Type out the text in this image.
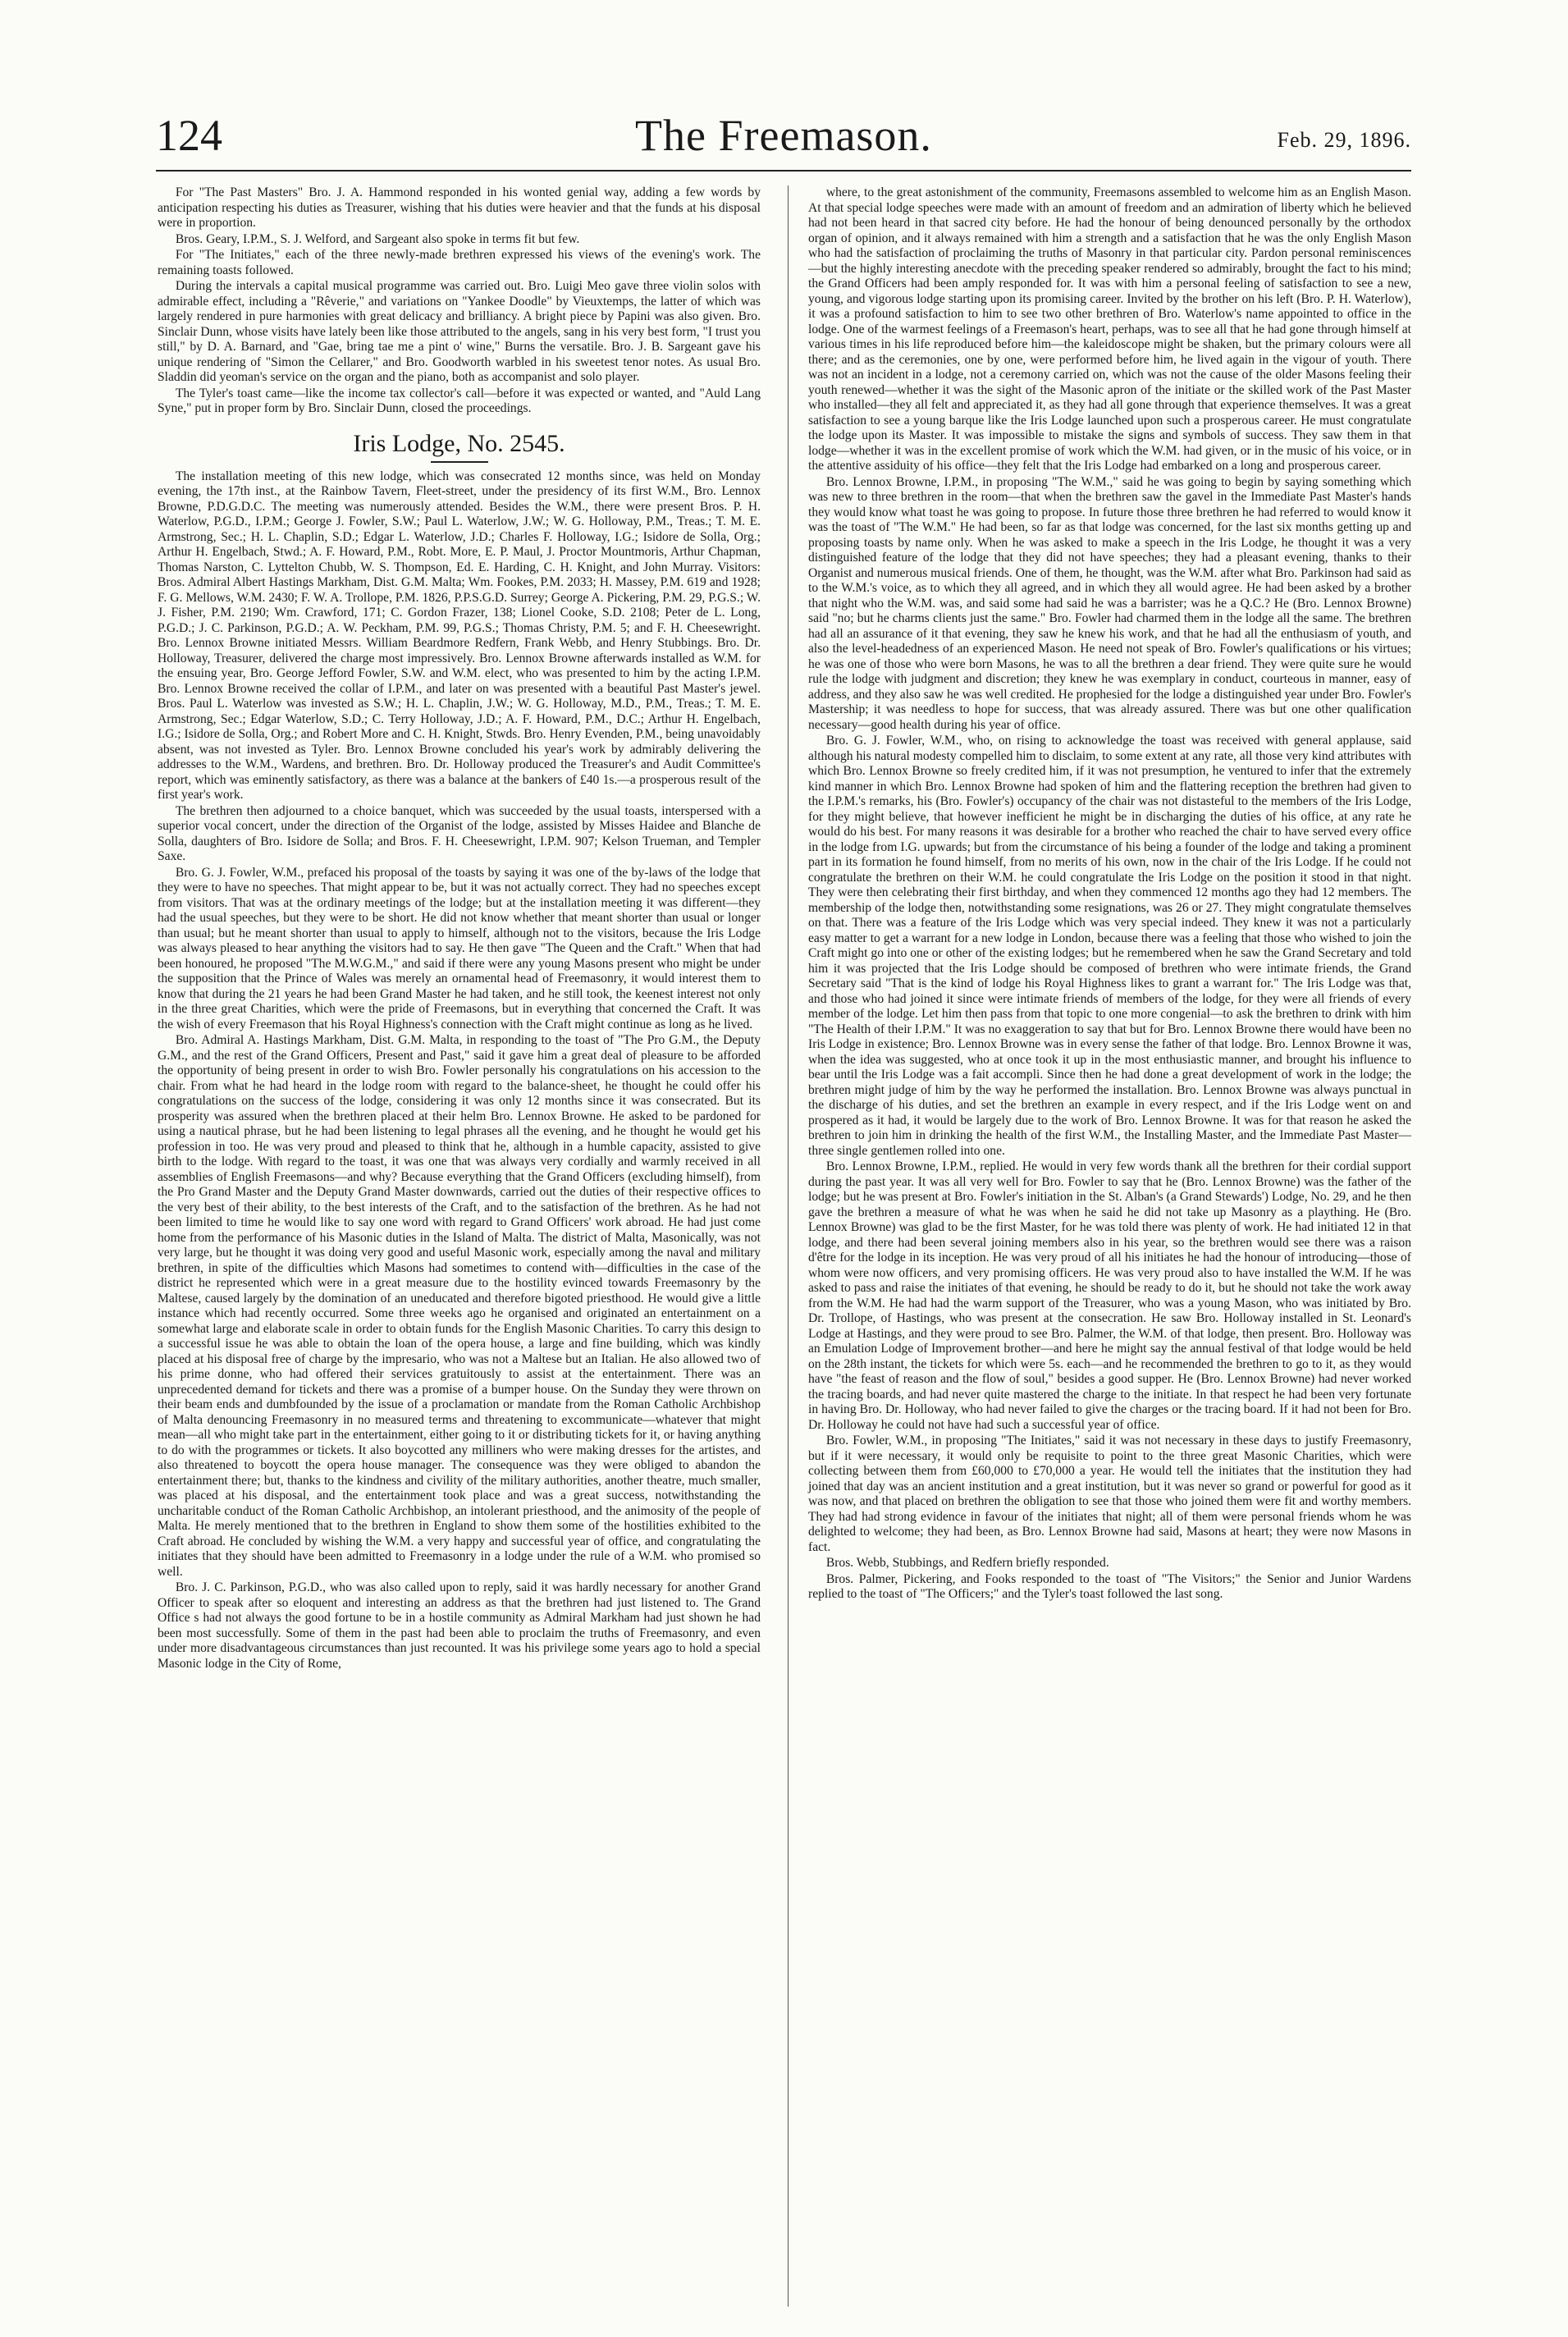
124	The Freemason.	Feb. 29, 1896.

For "The Past Masters" Bro. J. A. Hammond responded in his wonted genial way, adding a few words by anticipation respecting his duties as Treasurer, wishing that his duties were heavier and that the funds at his disposal were in proportion.

Bros. Geary, I.P.M., S. J. Welford, and Sargeant also spoke in terms fit but few.

For "The Initiates," each of the three newly-made brethren expressed his views of the evening's work. The remaining toasts followed.

During the intervals a capital musical programme was carried out. Bro. Luigi Meo gave three violin solos with admirable effect, including a "Rêverie," and variations on "Yankee Doodle" by Vieuxtemps, the latter of which was largely rendered in pure harmonies with great delicacy and brilliancy. A bright piece by Papini was also given. Bro. Sinclair Dunn, whose visits have lately been like those attributed to the angels, sang in his very best form, "I trust you still," by D. A. Barnard, and "Gae, bring tae me a pint o' wine," Burns the versatile. Bro. J. B. Sargeant gave his unique rendering of "Simon the Cellarer," and Bro. Goodworth warbled in his sweetest tenor notes. As usual Bro. Sladdin did yeoman's service on the organ and the piano, both as accompanist and solo player.

The Tyler's toast came—like the income tax collector's call—before it was expected or wanted, and "Auld Lang Syne," put in proper form by Bro. Sinclair Dunn, closed the proceedings.

Iris Lodge, No. 2545.

The installation meeting of this new lodge, which was consecrated 12 months since, was held on Monday evening, the 17th inst., at the Rainbow Tavern, Fleet-street, under the presidency of its first W.M., Bro. Lennox Browne, P.D.G.D.C. The meeting was numerously attended. Besides the W.M., there were present Bros. P. H. Waterlow, P.G.D., I.P.M.; George J. Fowler, S.W.; Paul L. Waterlow, J.W.; W. G. Holloway, P.M., Treas.; T. M. E. Armstrong, Sec.; H. L. Chaplin, S.D.; Edgar L. Waterlow, J.D.; Charles F. Holloway, I.G.; Isidore de Solla, Org.; Arthur H. Engelbach, Stwd.; A. F. Howard, P.M., Robt. More, E. P. Maul, J. Proctor Mountmoris, Arthur Chapman, Thomas Narston, C. Lyttelton Chubb, W. S. Thompson, Ed. E. Harding, C. H. Knight, and John Murray. Visitors: Bros. Admiral Albert Hastings Markham, Dist. G.M. Malta; Wm. Fookes, P.M. 2033; H. Massey, P.M. 619 and 1928; F. G. Mellows, W.M. 2430; F. W. A. Trollope, P.M. 1826, P.P.S.G.D. Surrey; George A. Pickering, P.M. 29, P.G.S.; W. J. Fisher, P.M. 2190; Wm. Crawford, 171; C. Gordon Frazer, 138; Lionel Cooke, S.D. 2108; Peter de L. Long, P.G.D.; J. C. Parkinson, P.G.D.; A. W. Peckham, P.M. 99, P.G.S.; Thomas Christy, P.M. 5; and F. H. Cheesewright. Bro. Lennox Browne initiated Messrs. William Beardmore Redfern, Frank Webb, and Henry Stubbings. Bro. Dr. Holloway, Treasurer, delivered the charge most impressively. Bro. Lennox Browne afterwards installed as W.M. for the ensuing year, Bro. George Jefford Fowler, S.W. and W.M. elect, who was presented to him by the acting I.P.M. Bro. Lennox Browne received the collar of I.P.M., and later on was presented with a beautiful Past Master's jewel. Bros. Paul L. Waterlow was invested as S.W.; H. L. Chaplin, J.W.; W. G. Holloway, M.D., P.M., Treas.; T. M. E. Armstrong, Sec.; Edgar Waterlow, S.D.; C. Terry Holloway, J.D.; A. F. Howard, P.M., D.C.; Arthur H. Engelbach, I.G.; Isidore de Solla, Org.; and Robert More and C. H. Knight, Stwds. Bro. Henry Evenden, P.M., being unavoidably absent, was not invested as Tyler. Bro. Lennox Browne concluded his year's work by admirably delivering the addresses to the W.M., Wardens, and brethren. Bro. Dr. Holloway produced the Treasurer's and Audit Committee's report, which was eminently satisfactory, as there was a balance at the bankers of £40 1s.—a prosperous result of the first year's work.

The brethren then adjourned to a choice banquet, which was succeeded by the usual toasts, interspersed with a superior vocal concert, under the direction of the Organist of the lodge, assisted by Misses Haidee and Blanche de Solla, daughters of Bro. Isidore de Solla; and Bros. F. H. Cheesewright, I.P.M. 907; Kelson Trueman, and Templer Saxe.

Bro. G. J. Fowler, W.M., prefaced his proposal of the toasts by saying it was one of the by-laws of the lodge that they were to have no speeches. That might appear to be, but it was not actually correct. They had no speeches except from visitors. That was at the ordinary meetings of the lodge; but at the installation meeting it was different—they had the usual speeches, but they were to be short. He did not know whether that meant shorter than usual or longer than usual; but he meant shorter than usual to apply to himself, although not to the visitors, because the Iris Lodge was always pleased to hear anything the visitors had to say. He then gave "The Queen and the Craft." When that had been honoured, he proposed "The M.W.G.M.," and said if there were any young Masons present who might be under the supposition that the Prince of Wales was merely an ornamental head of Freemasonry, it would interest them to know that during the 21 years he had been Grand Master he had taken, and he still took, the keenest interest not only in the three great Charities, which were the pride of Freemasons, but in everything that concerned the Craft. It was the wish of every Freemason that his Royal Highness's connection with the Craft might continue as long as he lived.

Bro. Admiral A. Hastings Markham, Dist. G.M. Malta, in responding to the toast of "The Pro G.M., the Deputy G.M., and the rest of the Grand Officers, Present and Past," said it gave him a great deal of pleasure to be afforded the opportunity of being present in order to wish Bro. Fowler personally his congratulations on his accession to the chair. From what he had heard in the lodge room with regard to the balance-sheet, he thought he could offer his congratulations on the success of the lodge, considering it was only 12 months since it was consecrated. But its prosperity was assured when the brethren placed at their helm Bro. Lennox Browne. He asked to be pardoned for using a nautical phrase, but he had been listening to legal phrases all the evening, and he thought he would get his profession in too. He was very proud and pleased to think that he, although in a humble capacity, assisted to give birth to the lodge. With regard to the toast, it was one that was always very cordially and warmly received in all assemblies of English Freemasons—and why? Because everything that the Grand Officers (excluding himself), from the Pro Grand Master and the Deputy Grand Master downwards, carried out the duties of their respective offices to the very best of their ability, to the best interests of the Craft, and to the satisfaction of the brethren. As he had not been limited to time he would like to say one word with regard to Grand Officers' work abroad. He had just come home from the performance of his Masonic duties in the Island of Malta. The district of Malta, Masonically, was not very large, but he thought it was doing very good and useful Masonic work, especially among the naval and military brethren, in spite of the difficulties which Masons had sometimes to contend with—difficulties in the case of the district he represented which were in a great measure due to the hostility evinced towards Freemasonry by the Maltese, caused largely by the domination of an uneducated and therefore bigoted priesthood. He would give a little instance which had recently occurred. Some three weeks ago he organised and originated an entertainment on a somewhat large and elaborate scale in order to obtain funds for the English Masonic Charities. To carry this design to a successful issue he was able to obtain the loan of the opera house, a large and fine building, which was kindly placed at his disposal free of charge by the impresario, who was not a Maltese but an Italian. He also allowed two of his prime donne, who had offered their services gratuitously to assist at the entertainment. There was an unprecedented demand for tickets and there was a promise of a bumper house. On the Sunday they were thrown on their beam ends and dumbfounded by the issue of a proclamation or mandate from the Roman Catholic Archbishop of Malta denouncing Freemasonry in no measured terms and threatening to excommunicate—whatever that might mean—all who might take part in the entertainment, either going to it or distributing tickets for it, or having anything to do with the programmes or tickets. It also boycotted any milliners who were making dresses for the artistes, and also threatened to boycott the opera house manager. The consequence was they were obliged to abandon the entertainment there; but, thanks to the kindness and civility of the military authorities, another theatre, much smaller, was placed at his disposal, and the entertainment took place and was a great success, notwithstanding the uncharitable conduct of the Roman Catholic Archbishop, an intolerant priesthood, and the animosity of the people of Malta. He merely mentioned that to the brethren in England to show them some of the hostilities exhibited to the Craft abroad. He concluded by wishing the W.M. a very happy and successful year of office, and congratulating the initiates that they should have been admitted to Freemasonry in a lodge under the rule of a W.M. who promised so well.

Bro. J. C. Parkinson, P.G.D., who was also called upon to reply, said it was hardly necessary for another Grand Officer to speak after so eloquent and interesting an address as that the brethren had just listened to. The Grand Office s had not always the good fortune to be in a hostile community as Admiral Markham had just shown he had been most successfully. Some of them in the past had been able to proclaim the truths of Freemasonry, and even under more disadvantageous circumstances than just recounted. It was his privilege some years ago to hold a special Masonic lodge in the City of Rome,

where, to the great astonishment of the community, Freemasons assembled to welcome him as an English Mason. At that special lodge speeches were made with an amount of freedom and an admiration of liberty which he believed had not been heard in that sacred city before. He had the honour of being denounced personally by the orthodox organ of opinion, and it always remained with him a strength and a satisfaction that he was the only English Mason who had the satisfaction of proclaiming the truths of Masonry in that particular city. Pardon personal reminiscences—but the highly interesting anecdote with the preceding speaker rendered so admirably, brought the fact to his mind; the Grand Officers had been amply responded for. It was with him a personal feeling of satisfaction to see a new, young, and vigorous lodge starting upon its promising career. Invited by the brother on his left (Bro. P. H. Waterlow), it was a profound satisfaction to him to see two other brethren of Bro. Waterlow's name appointed to office in the lodge. One of the warmest feelings of a Freemason's heart, perhaps, was to see all that he had gone through himself at various times in his life reproduced before him—the kaleidoscope might be shaken, but the primary colours were all there; and as the ceremonies, one by one, were performed before him, he lived again in the vigour of youth. There was not an incident in a lodge, not a ceremony carried on, which was not the cause of the older Masons feeling their youth renewed—whether it was the sight of the Masonic apron of the initiate or the skilled work of the Past Master who installed—they all felt and appreciated it, as they had all gone through that experience themselves. It was a great satisfaction to see a young barque like the Iris Lodge launched upon such a prosperous career. He must congratulate the lodge upon its Master. It was impossible to mistake the signs and symbols of success. They saw them in that lodge—whether it was in the excellent promise of work which the W.M. had given, or in the music of his voice, or in the attentive assiduity of his office—they felt that the Iris Lodge had embarked on a long and prosperous career.

Bro. Lennox Browne, I.P.M., in proposing "The W.M.," said he was going to begin by saying something which was new to three brethren in the room—that when the brethren saw the gavel in the Immediate Past Master's hands they would know what toast he was going to propose. In future those three brethren he had referred to would know it was the toast of "The W.M." He had been, so far as that lodge was concerned, for the last six months getting up and proposing toasts by name only. When he was asked to make a speech in the Iris Lodge, he thought it was a very distinguished feature of the lodge that they did not have speeches; they had a pleasant evening, thanks to their Organist and numerous musical friends. One of them, he thought, was the W.M. after what Bro. Parkinson had said as to the W.M.'s voice, as to which they all agreed, and in which they all would agree. He had been asked by a brother that night who the W.M. was, and said some had said he was a barrister; was he a Q.C.? He (Bro. Lennox Browne) said "no; but he charms clients just the same." Bro. Fowler had charmed them in the lodge all the same. The brethren had all an assurance of it that evening, they saw he knew his work, and that he had all the enthusiasm of youth, and also the level-headedness of an experienced Mason. He need not speak of Bro. Fowler's qualifications or his virtues; he was one of those who were born Masons, he was to all the brethren a dear friend. They were quite sure he would rule the lodge with judgment and discretion; they knew he was exemplary in conduct, courteous in manner, easy of address, and they also saw he was well credited. He prophesied for the lodge a distinguished year under Bro. Fowler's Mastership; it was needless to hope for success, that was already assured. There was but one other qualification necessary—good health during his year of office.

Bro. G. J. Fowler, W.M., who, on rising to acknowledge the toast was received with general applause, said although his natural modesty compelled him to disclaim, to some extent at any rate, all those very kind attributes with which Bro. Lennox Browne so freely credited him, if it was not presumption, he ventured to infer that the extremely kind manner in which Bro. Lennox Browne had spoken of him and the flattering reception the brethren had given to the I.P.M.'s remarks, his (Bro. Fowler's) occupancy of the chair was not distasteful to the members of the Iris Lodge, for they might believe, that however inefficient he might be in discharging the duties of his office, at any rate he would do his best. For many reasons it was desirable for a brother who reached the chair to have served every office in the lodge from I.G. upwards; but from the circumstance of his being a founder of the lodge and taking a prominent part in its formation he found himself, from no merits of his own, now in the chair of the Iris Lodge. If he could not congratulate the brethren on their W.M. he could congratulate the Iris Lodge on the position it stood in that night. They were then celebrating their first birthday, and when they commenced 12 months ago they had 12 members. The membership of the lodge then, notwithstanding some resignations, was 26 or 27. They might congratulate themselves on that. There was a feature of the Iris Lodge which was very special indeed. They knew it was not a particularly easy matter to get a warrant for a new lodge in London, because there was a feeling that those who wished to join the Craft might go into one or other of the existing lodges; but he remembered when he saw the Grand Secretary and told him it was projected that the Iris Lodge should be composed of brethren who were intimate friends, the Grand Secretary said "That is the kind of lodge his Royal Highness likes to grant a warrant for." The Iris Lodge was that, and those who had joined it since were intimate friends of members of the lodge, for they were all friends of every member of the lodge. Let him then pass from that topic to one more congenial—to ask the brethren to drink with him "The Health of their I.P.M." It was no exaggeration to say that but for Bro. Lennox Browne there would have been no Iris Lodge in existence; Bro. Lennox Browne was in every sense the father of that lodge. Bro. Lennox Browne it was, when the idea was suggested, who at once took it up in the most enthusiastic manner, and brought his influence to bear until the Iris Lodge was a fait accompli. Since then he had done a great development of work in the lodge; the brethren might judge of him by the way he performed the installation. Bro. Lennox Browne was always punctual in the discharge of his duties, and set the brethren an example in every respect, and if the Iris Lodge went on and prospered as it had, it would be largely due to the work of Bro. Lennox Browne. It was for that reason he asked the brethren to join him in drinking the health of the first W.M., the Installing Master, and the Immediate Past Master—three single gentlemen rolled into one.

Bro. Lennox Browne, I.P.M., replied. He would in very few words thank all the brethren for their cordial support during the past year. It was all very well for Bro. Fowler to say that he (Bro. Lennox Browne) was the father of the lodge; but he was present at Bro. Fowler's initiation in the St. Alban's (a Grand Stewards') Lodge, No. 29, and he then gave the brethren a measure of what he was when he said he did not take up Masonry as a plaything. He (Bro. Lennox Browne) was glad to be the first Master, for he was told there was plenty of work. He had initiated 12 in that lodge, and there had been several joining members also in his year, so the brethren would see there was a raison d'être for the lodge in its inception. He was very proud of all his initiates he had the honour of introducing—those of whom were now officers, and very promising officers. He was very proud also to have installed the W.M. If he was asked to pass and raise the initiates of that evening, he should be ready to do it, but he should not take the work away from the W.M. He had had the warm support of the Treasurer, who was a young Mason, who was initiated by Bro. Dr. Trollope, of Hastings, who was present at the consecration. He saw Bro. Holloway installed in St. Leonard's Lodge at Hastings, and they were proud to see Bro. Palmer, the W.M. of that lodge, then present. Bro. Holloway was an Emulation Lodge of Improvement brother—and here he might say the annual festival of that lodge would be held on the 28th instant, the tickets for which were 5s. each—and he recommended the brethren to go to it, as they would have "the feast of reason and the flow of soul," besides a good supper. He (Bro. Lennox Browne) had never worked the tracing boards, and had never quite mastered the charge to the initiate. In that respect he had been very fortunate in having Bro. Dr. Holloway, who had never failed to give the charges or the tracing board. If it had not been for Bro. Dr. Holloway he could not have had such a successful year of office.

Bro. Fowler, W.M., in proposing "The Initiates," said it was not necessary in these days to justify Freemasonry, but if it were necessary, it would only be requisite to point to the three great Masonic Charities, which were collecting between them from £60,000 to £70,000 a year. He would tell the initiates that the institution they had joined that day was an ancient institution and a great institution, but it was never so grand or powerful for good as it was now, and that placed on brethren the obligation to see that those who joined them were fit and worthy members. They had had strong evidence in favour of the initiates that night; all of them were personal friends whom he was delighted to welcome; they had been, as Bro. Lennox Browne had said, Masons at heart; they were now Masons in fact.

Bros. Webb, Stubbings, and Redfern briefly responded.

Bros. Palmer, Pickering, and Fooks responded to the toast of "The Visitors;" the Senior and Junior Wardens replied to the toast of "The Officers;" and the Tyler's toast followed the last song.
